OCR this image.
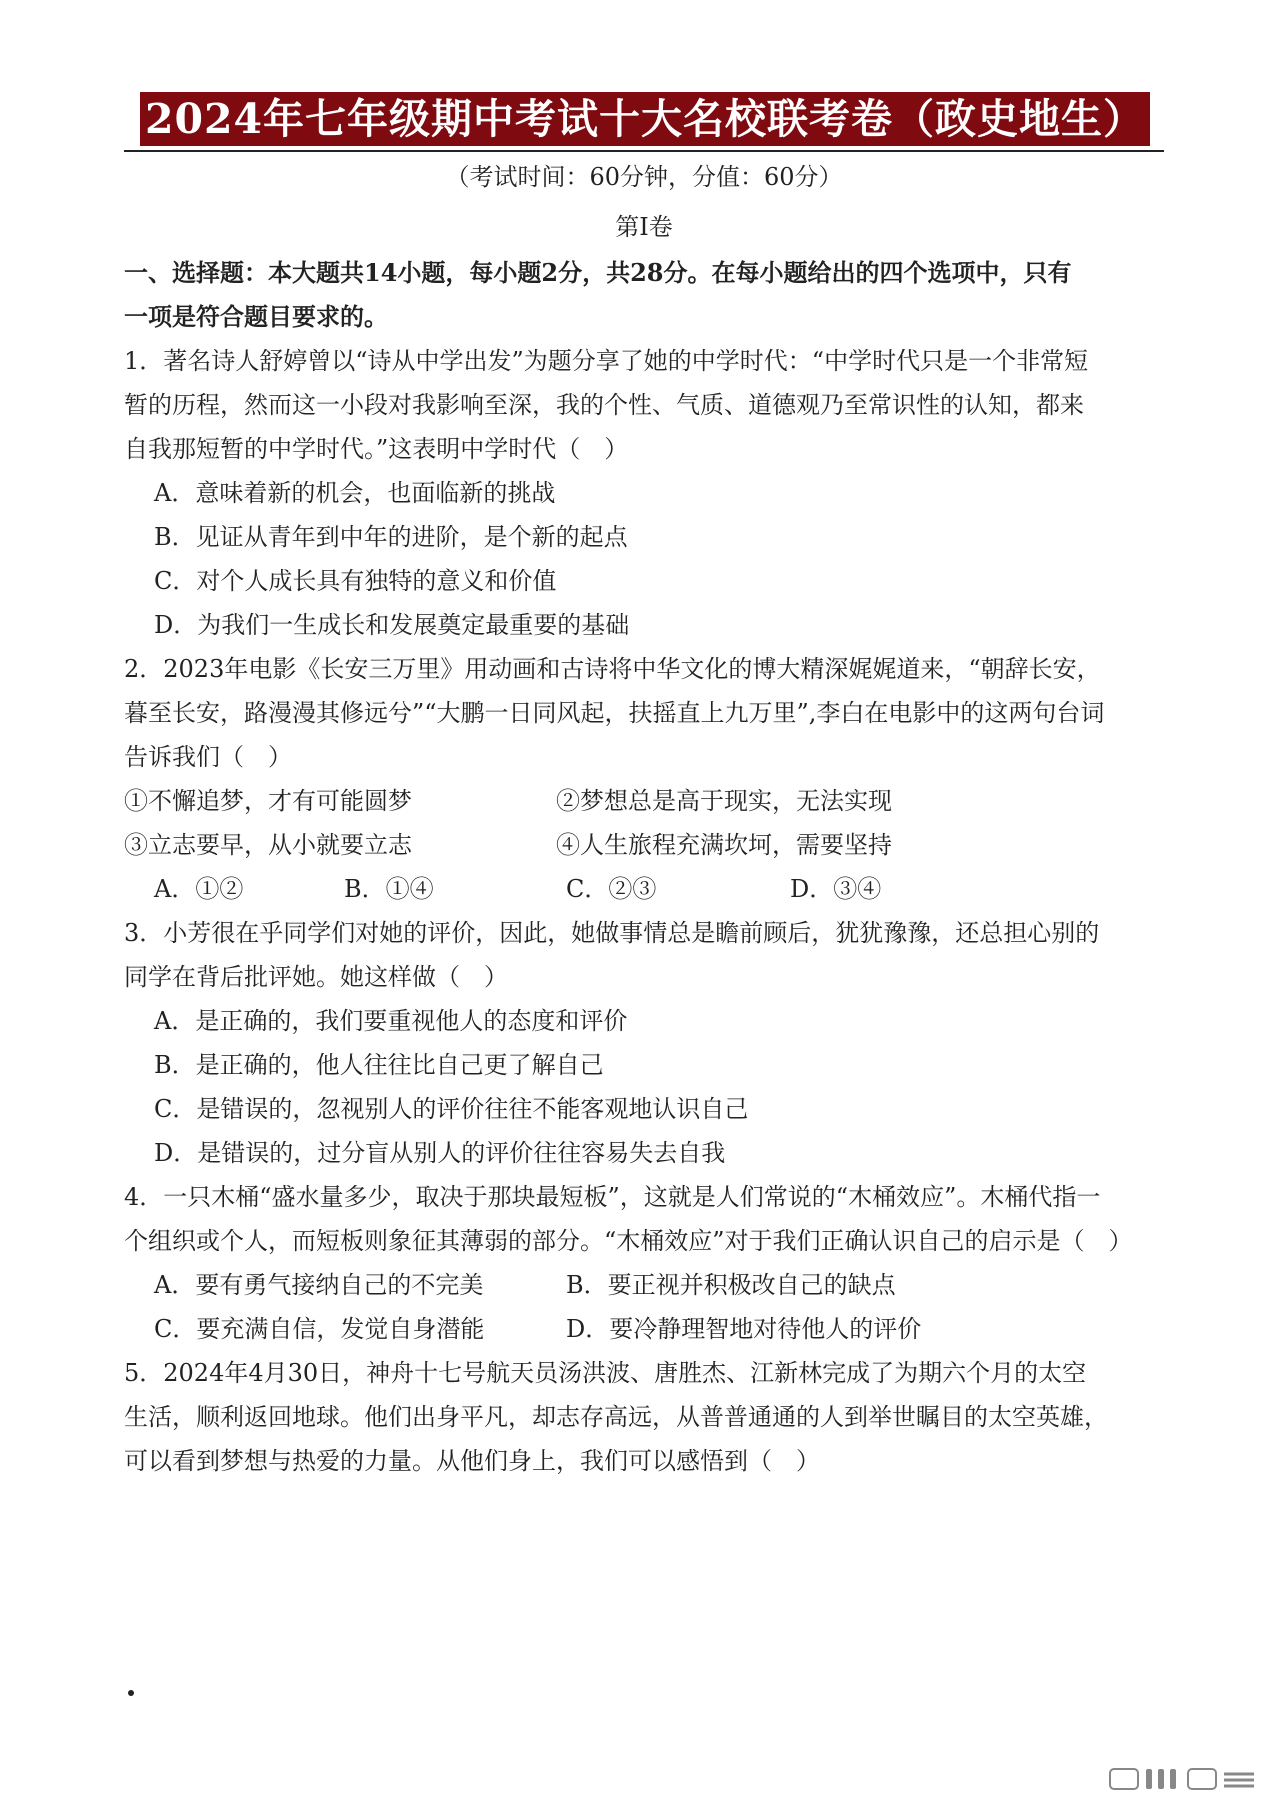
2024年七年级期中考试十大名校联考卷（政史地生）
（考试时间：60分钟，分值：60分）
第Ⅰ卷
一、选择题：本大题共14小题，每小题2分，共28分。在每小题给出的四个选项中，只有
一项是符合题目要求的。
1．著名诗人舒婷曾以“诗从中学出发”为题分享了她的中学时代：“中学时代只是一个非常短
暂的历程，然而这一小段对我影响至深，我的个性、气质、道德观乃至常识性的认知，都来
自我那短暂的中学时代。”这表明中学时代（　）
A．意味着新的机会，也面临新的挑战
B．见证从青年到中年的进阶，是个新的起点
C．对个人成长具有独特的意义和价值
D．为我们一生成长和发展奠定最重要的基础
2．2023年电影《长安三万里》用动画和古诗将中华文化的博大精深娓娓道来，“朝辞长安，
暮至长安，路漫漫其修远兮”“大鹏一日同风起，扶摇直上九万里”,李白在电影中的这两句台词
告诉我们（　）
①不懈追梦，才有可能圆梦	②梦想总是高于现实，无法实现
③立志要早，从小就要立志	④人生旅程充满坎坷，需要坚持
A．①②	B．①④	C．②③	D．③④
3．小芳很在乎同学们对她的评价，因此，她做事情总是瞻前顾后，犹犹豫豫，还总担心别的
同学在背后批评她。她这样做（　）
A．是正确的，我们要重视他人的态度和评价
B．是正确的，他人往往比自己更了解自己
C．是错误的，忽视别人的评价往往不能客观地认识自己
D．是错误的，过分盲从别人的评价往往容易失去自我
4．一只木桶“盛水量多少，取决于那块最短板”，这就是人们常说的“木桶效应”。木桶代指一
个组织或个人，而短板则象征其薄弱的部分。“木桶效应”对于我们正确认识自己的启示是（　）
A．要有勇气接纳自己的不完美	B．要正视并积极改自己的缺点
C．要充满自信，发觉自身潜能	D．要冷静理智地对待他人的评价
5．2024年4月30日，神舟十七号航天员汤洪波、唐胜杰、江新林完成了为期六个月的太空
生活，顺利返回地球。他们出身平凡，却志存高远，从普普通通的人到举世瞩目的太空英雄，
可以看到梦想与热爱的力量。从他们身上，我们可以感悟到（　）
